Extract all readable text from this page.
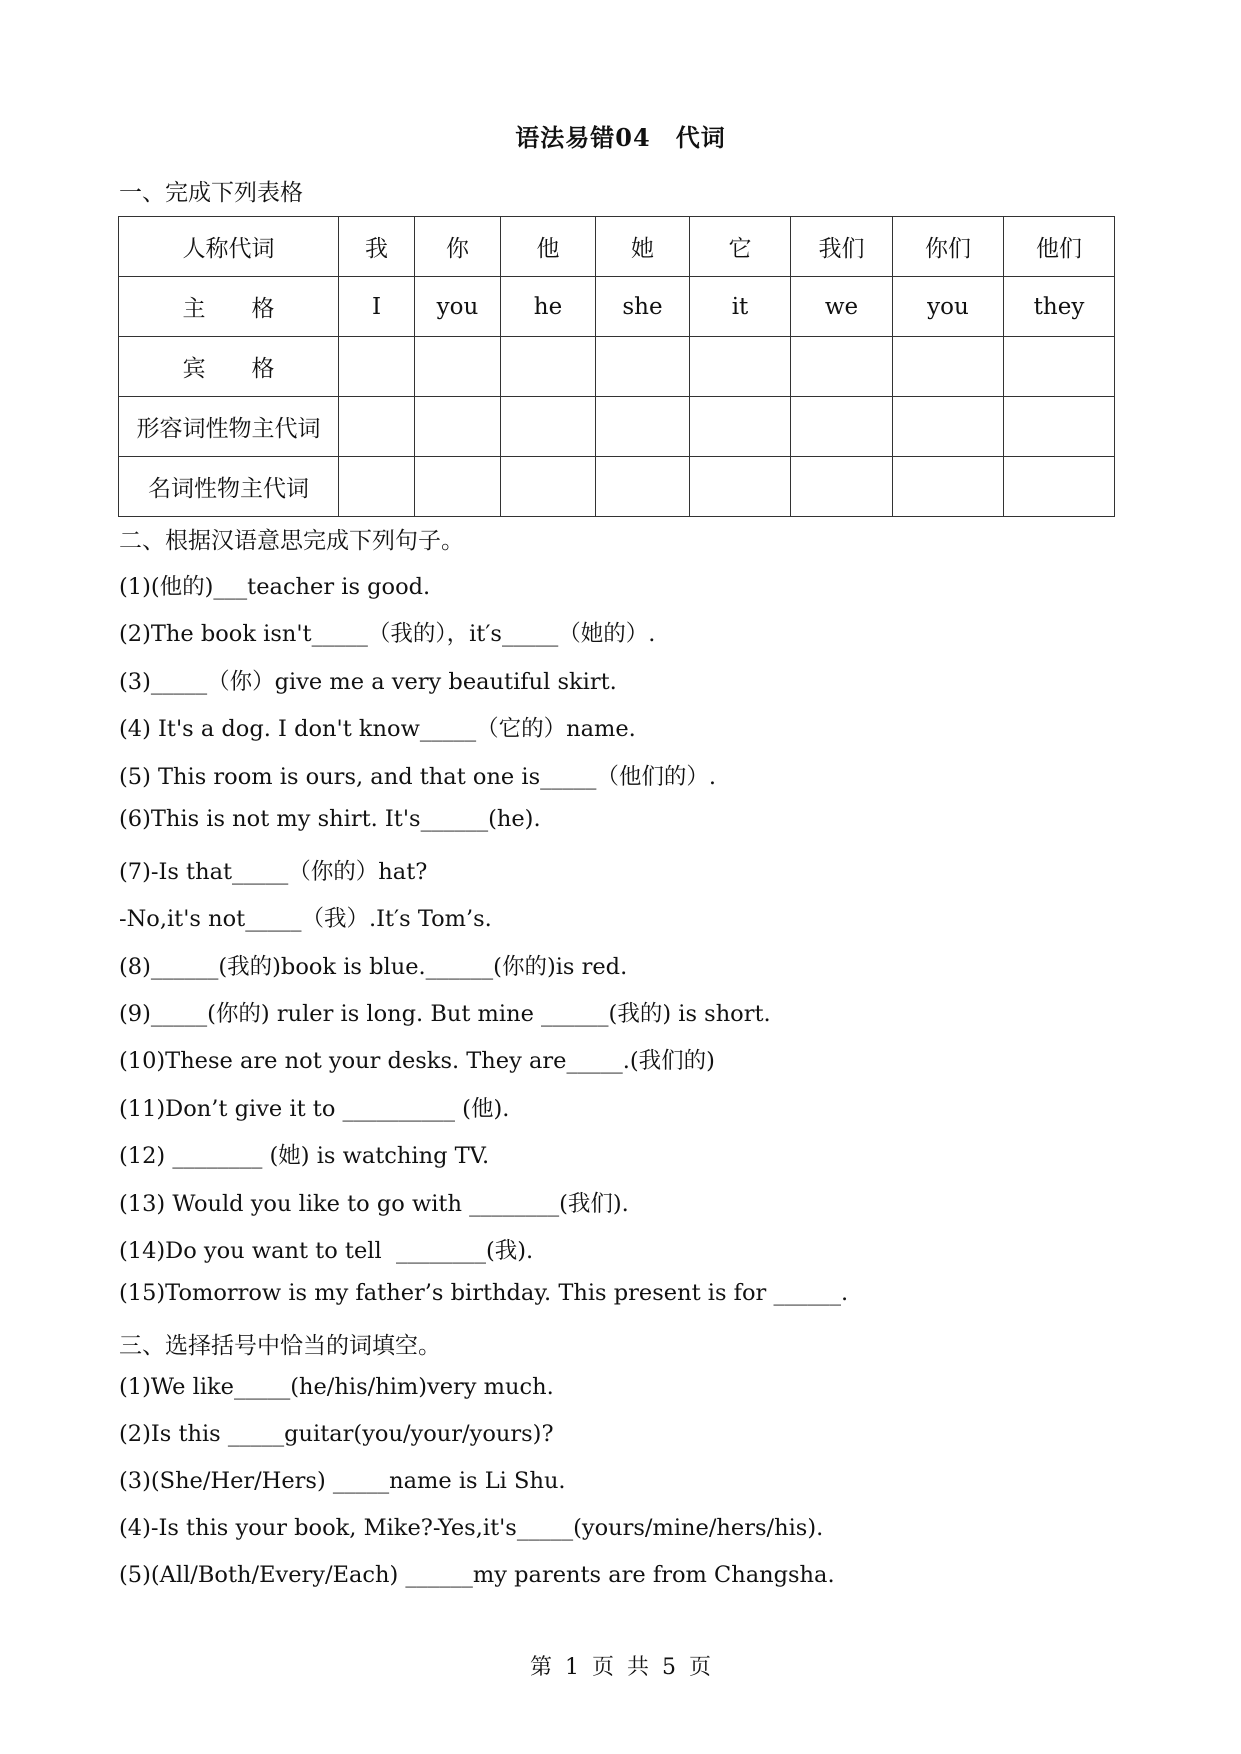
语法易错04　代词
一、完成下列表格
人称代词	我	你	他	她	它	我们	你们	他们
主　　格	I	you	he	she	it	we	you	they
宾　　格								
形容词性物主代词								
名词性物主代词								
二、根据汉语意思完成下列句子。
(1)(他的)___teacher is good.
(2)The book isn't_____（我的），it′s_____（她的）.
(3)_____（你）give me a very beautiful skirt.
(4) It's a dog. I don't know_____（它的）name.
(5) This room is ours, and that one is_____（他们的）.
(6)This is not my shirt. It's______(he).
(7)-Is that_____（你的）hat?
-No,it's not_____（我）.It′s Tom’s.
(8)______(我的)book is blue.______(你的)is red.
(9)_____(你的) ruler is long. But mine ______(我的) is short.
(10)These are not your desks. They are_____.(我们的)
(11)Don’t give it to __________ (他).
(12) ________ (她) is watching TV.
(13) Would you like to go with ________(我们).
(14)Do you want to tell  ________(我).
(15)Tomorrow is my father’s birthday. This present is for ______.
三、选择括号中恰当的词填空。
(1)We like_____(he/his/him)very much.
(2)Is this _____guitar(you/your/yours)?
(3)(She/Her/Hers) _____name is Li Shu.
(4)-Is this your book, Mike?-Yes,it's_____(yours/mine/hers/his).
(5)(All/Both/Every/Each) ______my parents are from Changsha.
第 1 页 共 5 页
